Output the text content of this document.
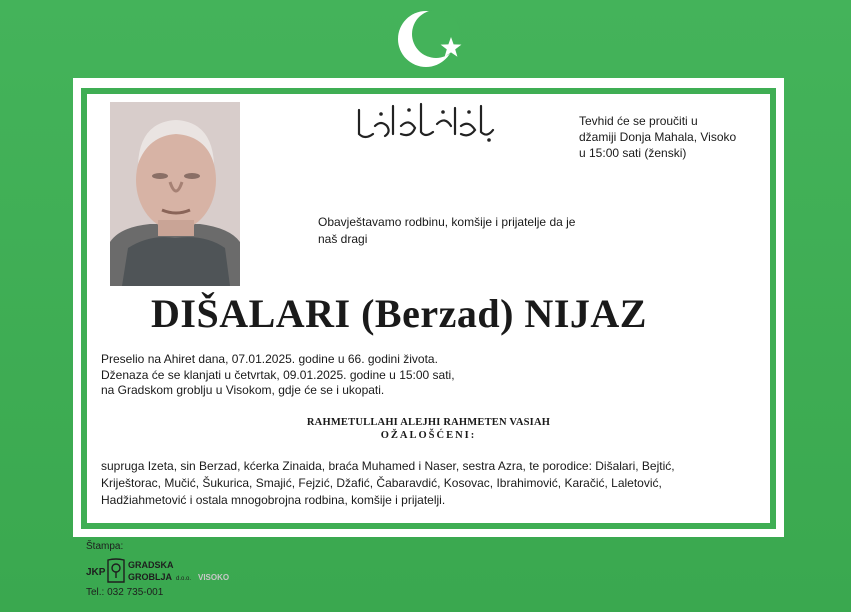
Tevhid će se proučiti u
džamiji Donja Mahala, Visoko
u 15:00 sati (ženski)
Obavještavamo rodbinu, komšije i prijatelje da je
naš dragi
DIŠALARI (Berzad) NIJAZ
Preselio na Ahiret dana, 07.01.2025. godine u 66. godini života.
Dženaza će se klanjati u četvrtak, 09.01.2025. godine u 15:00 sati,
na Gradskom groblju u Visokom, gdje će se i ukopati.
RAHMETULLAHI ALEJHI RAHMETEN VASIAH
OŽALOŠĆENI:
supruga Izeta, sin Berzad, kćerka Zinaida, braća Muhamed i Naser, sestra Azra, te porodice: Dišalari, Bejtić,
Kriještorac, Mučić, Šukurica, Smajić, Fejzić, Džafić, Čabaravdić, Kosovac, Ibrahimović, Karačić, Laletović,
Hadžiahmetović i ostala mnogobrojna rodbina, komšije i prijatelji.
Štampa:
JKP
GRADSKA
GROBLJA d.o.o. VISOKO
Tel.: 032 735-001
